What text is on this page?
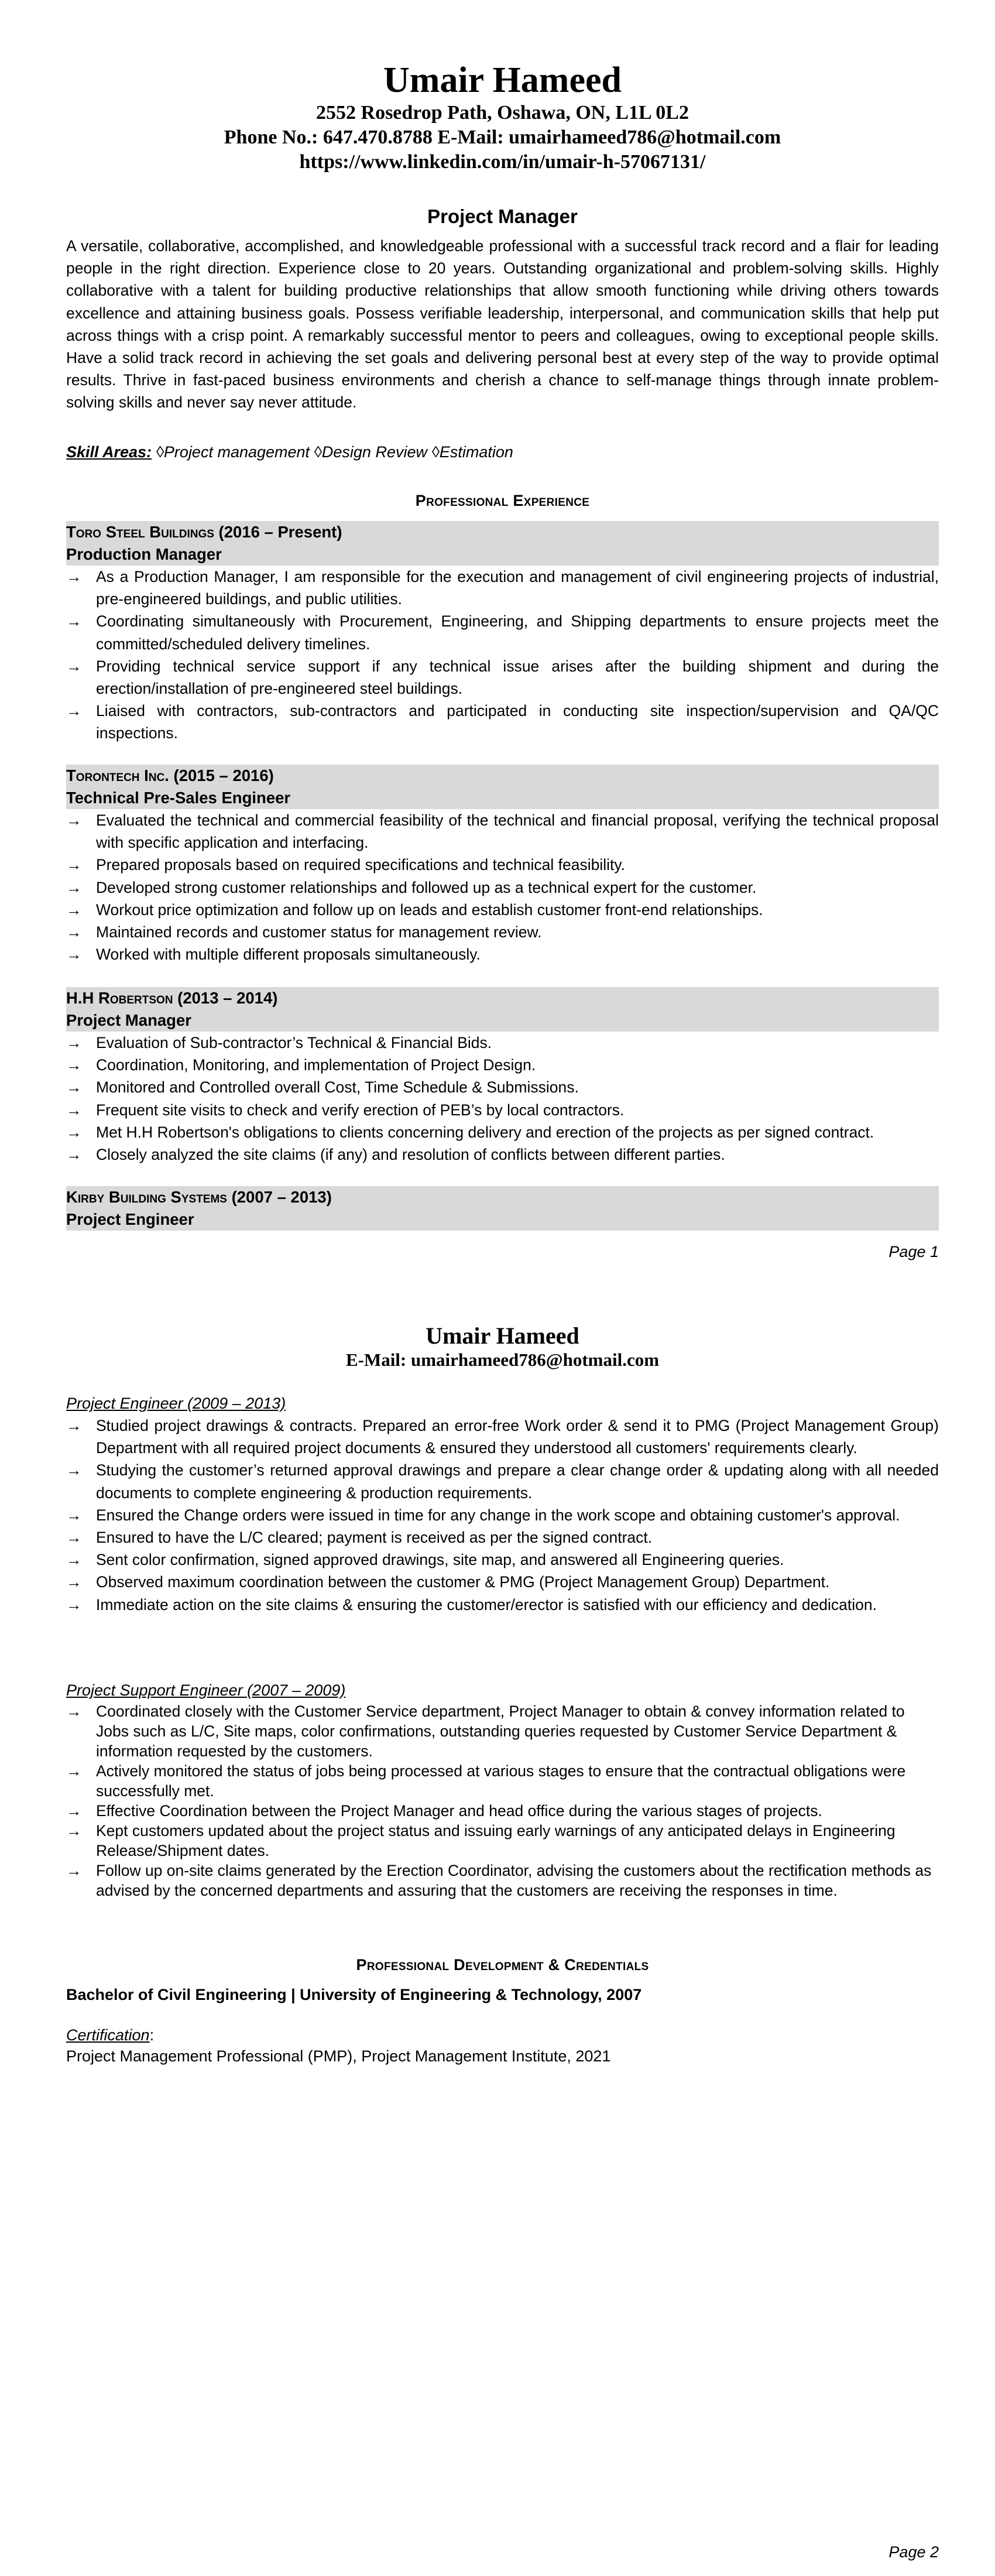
Umair Hameed
2552 Rosedrop Path, Oshawa, ON, L1L 0L2
Phone No.: 647.470.8788 E-Mail: umairhameed786@hotmail.com
https://www.linkedin.com/in/umair-h-57067131/
Project Manager
A versatile, collaborative, accomplished, and knowledgeable professional with a successful track record and a flair for leading people in the right direction. Experience close to 20 years. Outstanding organizational and problem-solving skills. Highly collaborative with a talent for building productive relationships that allow smooth functioning while driving others towards excellence and attaining business goals. Possess verifiable leadership, interpersonal, and communication skills that help put across things with a crisp point. A remarkably successful mentor to peers and colleagues, owing to exceptional people skills. Have a solid track record in achieving the set goals and delivering personal best at every step of the way to provide optimal results. Thrive in fast-paced business environments and cherish a chance to self-manage things through innate problem-solving skills and never say never attitude.
Skill Areas: ◊Project management ◊Design Review ◊Estimation
Professional Experience
Toro Steel Buildings (2016 – Present)
Production Manager
→ As a Production Manager, I am responsible for the execution and management of civil engineering projects of industrial, pre-engineered buildings, and public utilities.
→ Coordinating simultaneously with Procurement, Engineering, and Shipping departments to ensure projects meet the committed/scheduled delivery timelines.
→ Providing technical service support if any technical issue arises after the building shipment and during the erection/installation of pre-engineered steel buildings.
→ Liaised with contractors, sub-contractors and participated in conducting site inspection/supervision and QA/QC inspections.
Torontech Inc. (2015 – 2016)
Technical Pre-Sales Engineer
→ Evaluated the technical and commercial feasibility of the technical and financial proposal, verifying the technical proposal with specific application and interfacing.
→ Prepared proposals based on required specifications and technical feasibility.
→ Developed strong customer relationships and followed up as a technical expert for the customer.
→ Workout price optimization and follow up on leads and establish customer front-end relationships.
→ Maintained records and customer status for management review.
→ Worked with multiple different proposals simultaneously.
H.H Robertson (2013 – 2014)
Project Manager
→ Evaluation of Sub-contractor’s Technical & Financial Bids.
→ Coordination, Monitoring, and implementation of Project Design.
→ Monitored and Controlled overall Cost, Time Schedule & Submissions.
→ Frequent site visits to check and verify erection of PEB’s by local contractors.
→ Met H.H Robertson's obligations to clients concerning delivery and erection of the projects as per signed contract.
→ Closely analyzed the site claims (if any) and resolution of conflicts between different parties.
Kirby Building Systems (2007 – 2013)
Project Engineer
Page 1
Umair Hameed
E-Mail: umairhameed786@hotmail.com
Project Engineer (2009 – 2013)
→ Studied project drawings & contracts. Prepared an error-free Work order & send it to PMG (Project Management Group) Department with all required project documents & ensured they understood all customers' requirements clearly.
→ Studying the customer’s returned approval drawings and prepare a clear change order & updating along with all needed documents to complete engineering & production requirements.
→ Ensured the Change orders were issued in time for any change in the work scope and obtaining customer's approval.
→ Ensured to have the L/C cleared; payment is received as per the signed contract.
→ Sent color confirmation, signed approved drawings, site map, and answered all Engineering queries.
→ Observed maximum coordination between the customer & PMG (Project Management Group) Department.
→ Immediate action on the site claims & ensuring the customer/erector is satisfied with our efficiency and dedication.
Project Support Engineer (2007 – 2009)
→ Coordinated closely with the Customer Service department, Project Manager to obtain & convey information related to Jobs such as L/C, Site maps, color confirmations, outstanding queries requested by Customer Service Department & information requested by the customers.
→ Actively monitored the status of jobs being processed at various stages to ensure that the contractual obligations were successfully met.
→ Effective Coordination between the Project Manager and head office during the various stages of projects.
→ Kept customers updated about the project status and issuing early warnings of any anticipated delays in Engineering Release/Shipment dates.
→ Follow up on-site claims generated by the Erection Coordinator, advising the customers about the rectification methods as advised by the concerned departments and assuring that the customers are receiving the responses in time.
Professional Development & Credentials
Bachelor of Civil Engineering | University of Engineering & Technology, 2007
Certification:
Project Management Professional (PMP), Project Management Institute, 2021
Page 2
